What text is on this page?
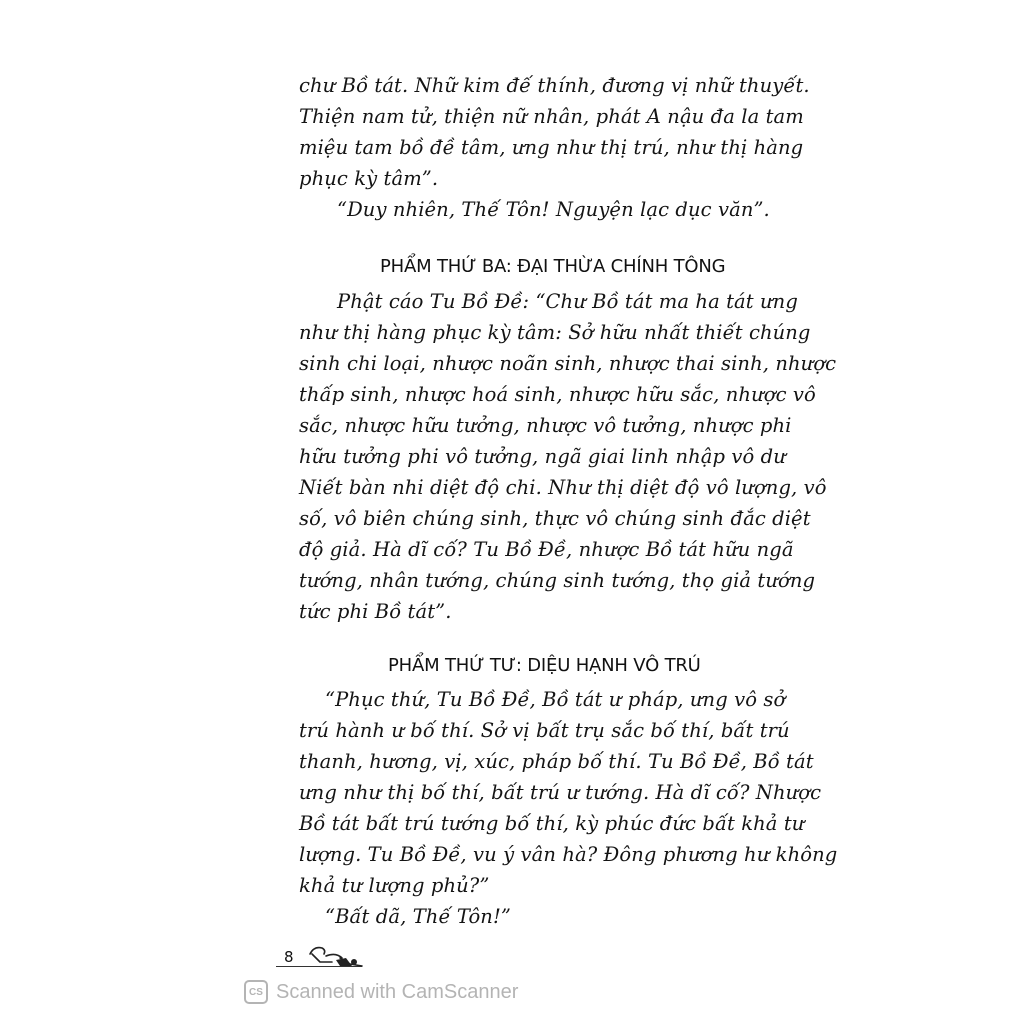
chư Bồ tát. Nhữ kim đế thính, đương vị nhữ thuyết.
Thiện nam tử, thiện nữ nhân, phát A nậu đa la tam
miệu tam bồ đề tâm, ưng như thị trú, như thị hàng
phục kỳ tâm”.
“Duy nhiên, Thế Tôn! Nguyện lạc dục văn”.
PHẨM THỨ BA: ĐẠI THỪA CHÍNH TÔNG
Phật cáo Tu Bồ Đề: “Chư Bồ tát ma ha tát ưng
như thị hàng phục kỳ tâm: Sở hữu nhất thiết chúng
sinh chi loại, nhược noãn sinh, nhược thai sinh, nhược
thấp sinh, nhược hoá sinh, nhược hữu sắc, nhược vô
sắc, nhược hữu tưởng, nhược vô tưởng, nhược phi
hữu tưởng phi vô tưởng, ngã giai linh nhập vô dư
Niết bàn nhi diệt độ chi. Như thị diệt độ vô lượng, vô
số, vô biên chúng sinh, thực vô chúng sinh đắc diệt
độ giả. Hà dĩ cố? Tu Bồ Đề, nhược Bồ tát hữu ngã
tướng, nhân tướng, chúng sinh tướng, thọ giả tướng
tức phi Bồ tát”.
PHẨM THỨ TƯ: DIỆU HẠNH VÔ TRÚ
“Phục thứ, Tu Bồ Đề, Bồ tát ư pháp, ưng vô sở
trú hành ư bố thí. Sở vị bất trụ sắc bố thí, bất trú
thanh, hương, vị, xúc, pháp bố thí. Tu Bồ Đề, Bồ tát
ưng như thị bố thí, bất trú ư tướng. Hà dĩ cố? Nhược
Bồ tát bất trú tướng bố thí, kỳ phúc đức bất khả tư
lượng. Tu Bồ Đề, vu ý vân hà? Đông phương hư không
khả tư lượng phủ?”
“Bất dã, Thế Tôn!”
8
CS Scanned with CamScanner
